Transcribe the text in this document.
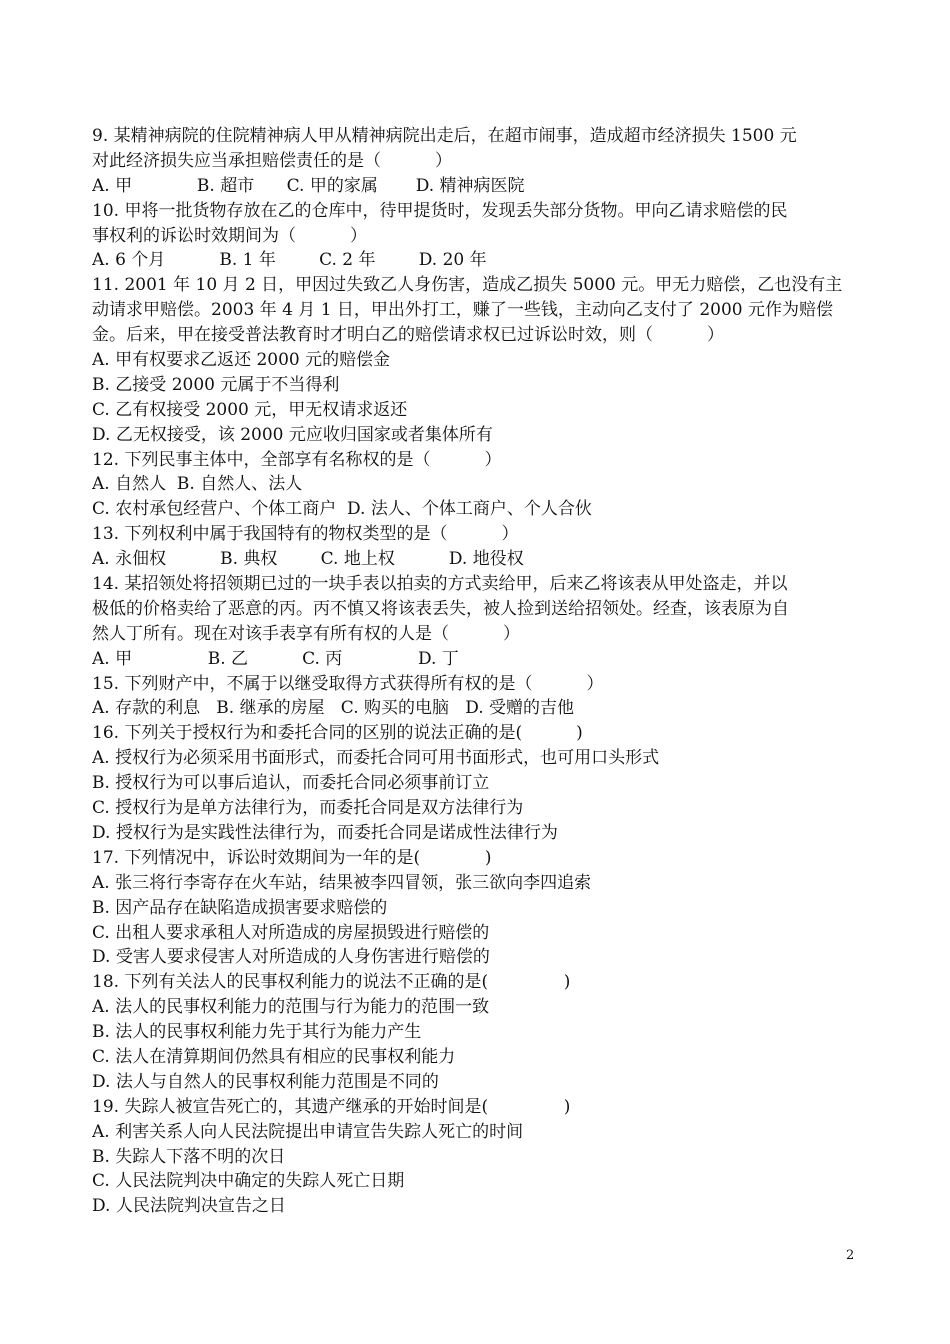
9. 某精神病院的住院精神病人甲从精神病院出走后，在超市闹事，造成超市经济损失 1500 元
对此经济损失应当承担赔偿责任的是（          ）
A. 甲            B. 超市      C. 甲的家属       D. 精神病医院
10. 甲将一批货物存放在乙的仓库中，待甲提货时，发现丢失部分货物。甲向乙请求赔偿的民
事权利的诉讼时效期间为（          ）
A. 6 个月          B. 1 年        C. 2 年        D. 20 年
11. 2001 年 10 月 2 日，甲因过失致乙人身伤害，造成乙损失 5000 元。甲无力赔偿，乙也没有主
动请求甲赔偿。2003 年 4 月 1 日，甲出外打工，赚了一些钱，主动向乙支付了 2000 元作为赔偿
金。后来，甲在接受普法教育时才明白乙的赔偿请求权已过诉讼时效，则（          ）
A. 甲有权要求乙返还 2000 元的赔偿金
B. 乙接受 2000 元属于不当得利
C. 乙有权接受 2000 元，甲无权请求返还
D. 乙无权接受，该 2000 元应收归国家或者集体所有
12. 下列民事主体中，全部享有名称权的是（          ）
A. 自然人  B. 自然人、法人
C. 农村承包经营户、个体工商户  D. 法人、个体工商户、个人合伙
13. 下列权利中属于我国特有的物权类型的是（          ）
A. 永佃权          B. 典权        C. 地上权          D. 地役权
14. 某招领处将招领期已过的一块手表以拍卖的方式卖给甲，后来乙将该表从甲处盗走，并以
极低的价格卖给了恶意的丙。丙不慎又将该表丢失，被人捡到送给招领处。经查，该表原为自
然人丁所有。现在对该手表享有所有权的人是（          ）
A. 甲              B. 乙          C. 丙              D. 丁
15. 下列财产中，不属于以继受取得方式获得所有权的是（          ）
A. 存款的利息   B. 继承的房屋   C. 购买的电脑   D. 受赠的吉他
16. 下列关于授权行为和委托合同的区别的说法正确的是(          )
A. 授权行为必须采用书面形式，而委托合同可用书面形式，也可用口头形式
B. 授权行为可以事后追认，而委托合同必须事前订立
C. 授权行为是单方法律行为，而委托合同是双方法律行为
D. 授权行为是实践性法律行为，而委托合同是诺成性法律行为
17. 下列情况中，诉讼时效期间为一年的是(            )
A. 张三将行李寄存在火车站，结果被李四冒领，张三欲向李四追索
B. 因产品存在缺陷造成损害要求赔偿的
C. 出租人要求承租人对所造成的房屋损毁进行赔偿的
D. 受害人要求侵害人对所造成的人身伤害进行赔偿的
18. 下列有关法人的民事权利能力的说法不正确的是(              )
A. 法人的民事权利能力的范围与行为能力的范围一致
B. 法人的民事权利能力先于其行为能力产生
C. 法人在清算期间仍然具有相应的民事权利能力
D. 法人与自然人的民事权利能力范围是不同的
19. 失踪人被宣告死亡的，其遗产继承的开始时间是(              )
A. 利害关系人向人民法院提出申请宣告失踪人死亡的时间
B. 失踪人下落不明的次日
C. 人民法院判决中确定的失踪人死亡日期
D. 人民法院判决宣告之日
2
